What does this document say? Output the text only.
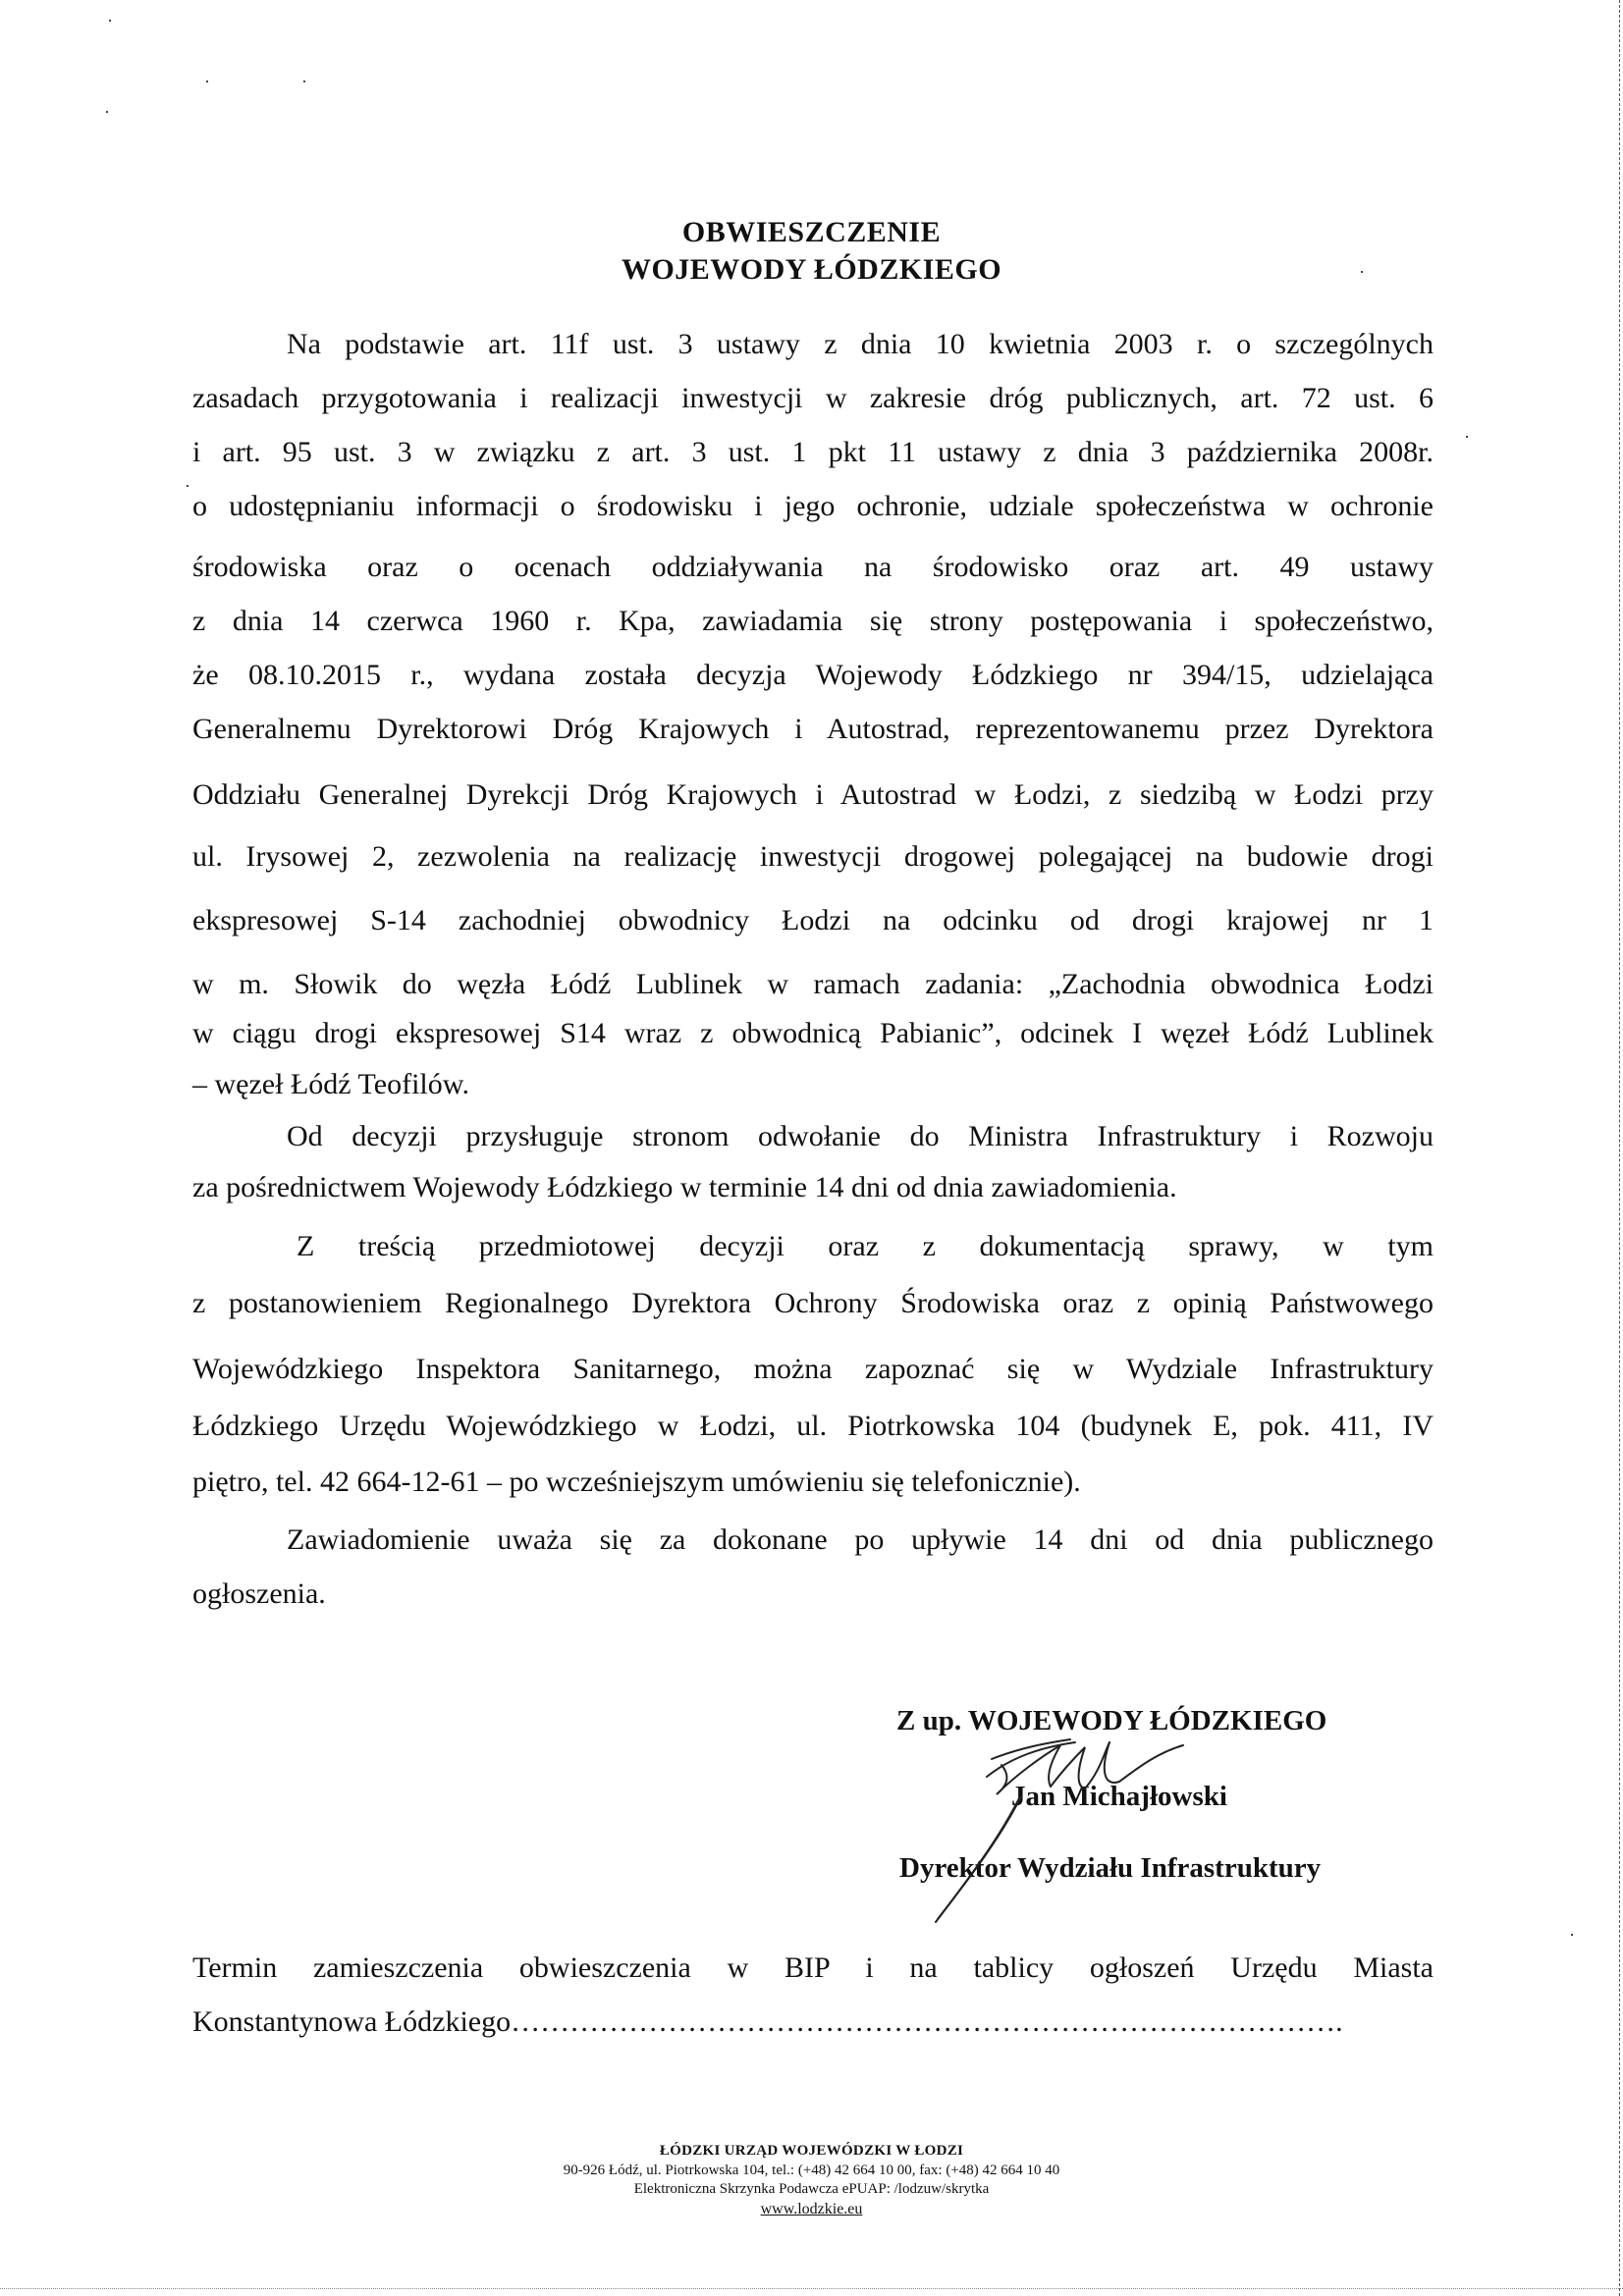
OBWIESZCZENIE
WOJEWODY ŁÓDZKIEGO
Na podstawie art. 11f ust. 3 ustawy z dnia 10 kwietnia 2003 r. o szczególnych
zasadach przygotowania i realizacji inwestycji w zakresie dróg publicznych, art. 72 ust. 6
i art. 95 ust. 3 w związku z art. 3 ust. 1 pkt 11 ustawy z dnia 3 października 2008r.
o udostępnianiu informacji o środowisku i jego ochronie, udziale społeczeństwa w ochronie
środowiska oraz o ocenach oddziaływania na środowisko oraz art. 49 ustawy
z dnia 14 czerwca 1960 r. Kpa, zawiadamia się strony postępowania i społeczeństwo,
że 08.10.2015 r., wydana została decyzja Wojewody Łódzkiego nr 394/15, udzielająca
Generalnemu Dyrektorowi Dróg Krajowych i Autostrad, reprezentowanemu przez Dyrektora
Oddziału Generalnej Dyrekcji Dróg Krajowych i Autostrad w Łodzi, z siedzibą w Łodzi przy
ul. Irysowej 2, zezwolenia na realizację inwestycji drogowej polegającej na budowie drogi
ekspresowej S-14 zachodniej obwodnicy Łodzi na odcinku od drogi krajowej nr 1
w m. Słowik do węzła Łódź Lublinek w ramach zadania: „Zachodnia obwodnica Łodzi
w ciągu drogi ekspresowej S14 wraz z obwodnicą Pabianic”, odcinek I węzeł Łódź Lublinek
– węzeł Łódź Teofilów.
Od decyzji przysługuje stronom odwołanie do Ministra Infrastruktury i Rozwoju
za pośrednictwem Wojewody Łódzkiego w terminie 14 dni od dnia zawiadomienia.
Z treścią przedmiotowej decyzji oraz z dokumentacją sprawy, w tym
z postanowieniem Regionalnego Dyrektora Ochrony Środowiska oraz z opinią Państwowego
Wojewódzkiego Inspektora Sanitarnego, można zapoznać się w Wydziale Infrastruktury
Łódzkiego Urzędu Wojewódzkiego w Łodzi, ul. Piotrkowska 104 (budynek E, pok. 411, IV
piętro, tel. 42 664-12-61 – po wcześniejszym umówieniu się telefonicznie).
Zawiadomienie uważa się za dokonane po upływie 14 dni od dnia publicznego
ogłoszenia.
Z up. WOJEWODY ŁÓDZKIEGO
Jan Michajłowski
Dyrektor Wydziału Infrastruktury
Termin zamieszczenia obwieszczenia w BIP i na tablicy ogłoszeń Urzędu Miasta
Konstantynowa Łódzkiego………………………………………………………………………….
ŁÓDZKI URZĄD WOJEWÓDZKI W ŁODZI
90-926 Łódź, ul. Piotrkowska 104, tel.: (+48) 42 664 10 00, fax: (+48) 42 664 10 40
Elektroniczna Skrzynka Podawcza ePUAP: /lodzuw/skrytka
www.lodzkie.eu
